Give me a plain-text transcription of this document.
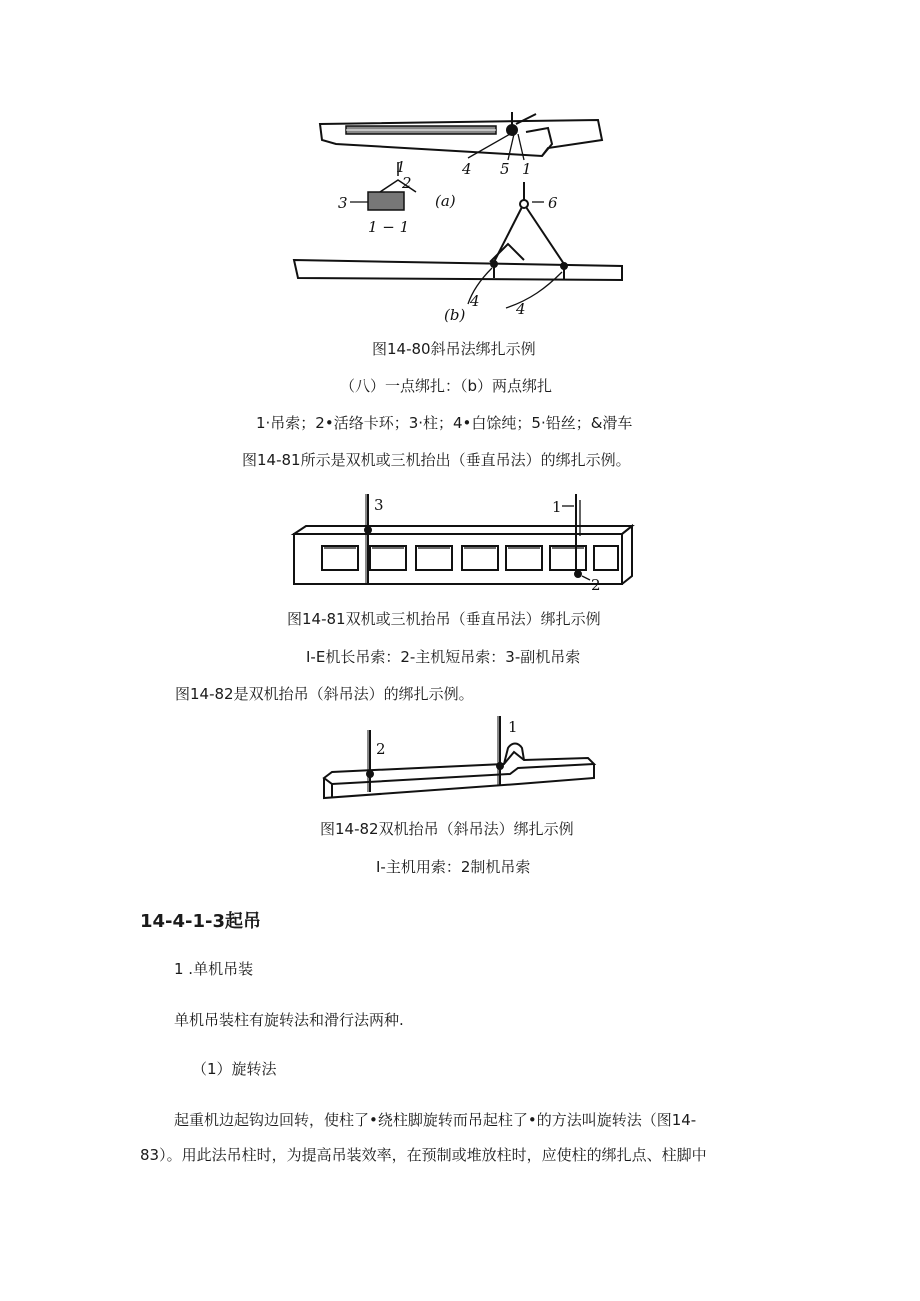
1
2
3
1 − 1
(a)
4 5 1
6
(b)
4 4
图14-80斜吊法绑扎示例
（八）一点绑扎：（b）两点绑扎
1·吊索；2•活络卡环；3·柱；4•白馀纯；5·铅丝；&滑车
图14-81所示是双机或三机抬出（垂直吊法）的绑扎示例。
3	1
2
图14-81双机或三机抬吊（垂直吊法）绑扎示例
I-E机长吊索：2-主机短吊索：3-副机吊索
图14-82是双机抬吊（斜吊法）的绑扎示例。
2
1
图14-82双机抬吊（斜吊法）绑扎示例
I-主机用索：2制机吊索
14-4-1-3起吊
1 .单机吊装
单机吊装柱有旋转法和滑行法两种.
（1）旋转法
起重机边起钩边回转，使柱了•绕柱脚旋转而吊起柱了•的方法叫旋转法（图14-
83）。用此法吊柱时，为提高吊装效率，在预制或堆放柱时，应使柱的绑扎点、柱脚中
